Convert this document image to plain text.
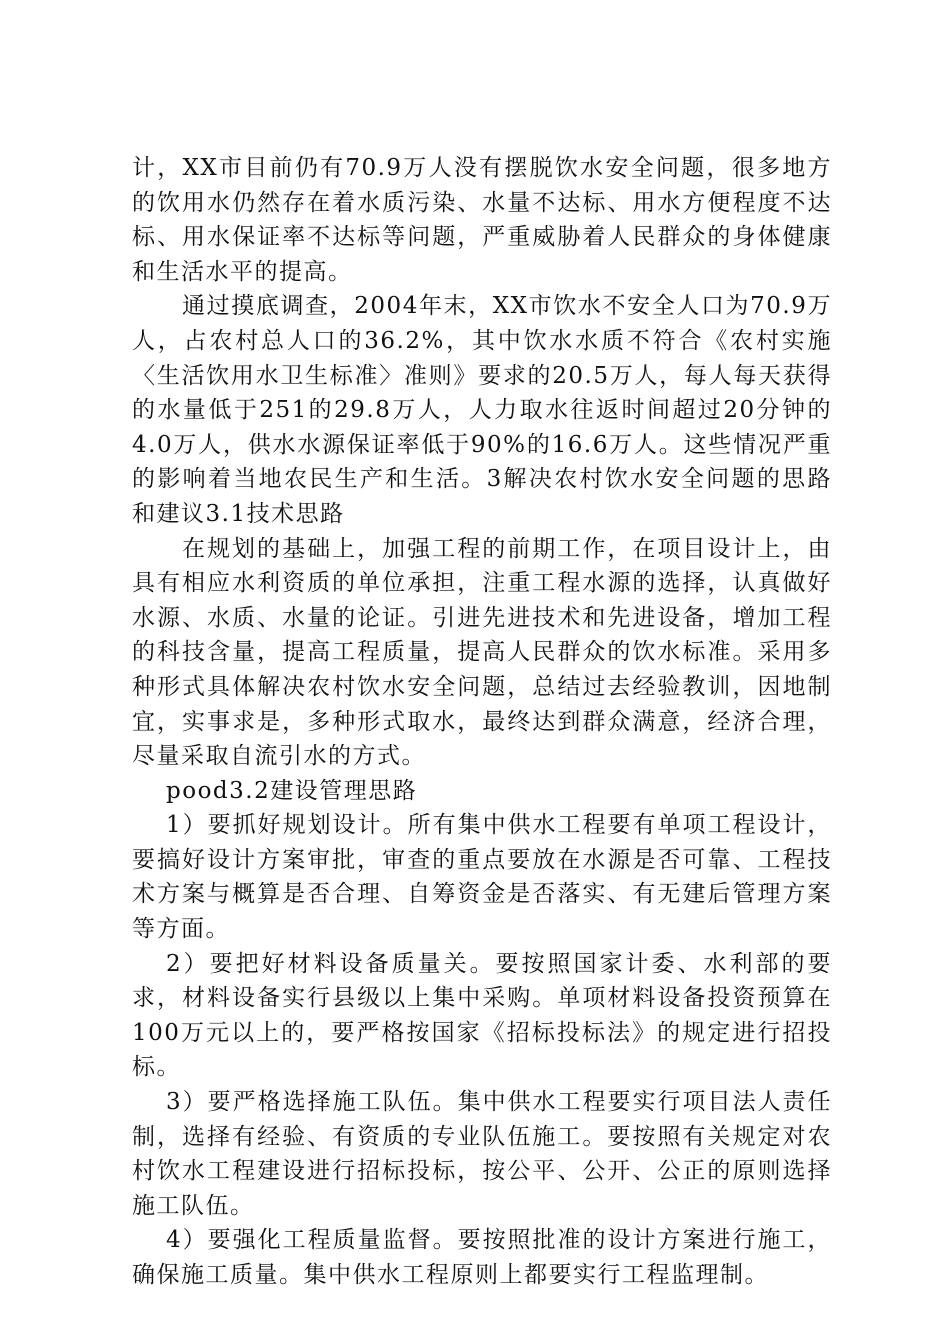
计，XX市目前仍有70.9万人没有摆脱饮水安全问题，很多地方的饮用水仍然存在着水质污染、水量不达标、用水方便程度不达标、用水保证率不达标等问题，严重威胁着人民群众的身体健康和生活水平的提高。

通过摸底调查，2004年末，XX市饮水不安全人口为70.9万人，占农村总人口的36.2%，其中饮水水质不符合《农村实施〈生活饮用水卫生标准〉准则》要求的20.5万人，每人每天获得的水量低于251的29.8万人，人力取水往返时间超过20分钟的4.0万人，供水水源保证率低于90%的16.6万人。这些情况严重的影响着当地农民生产和生活。3解决农村饮水安全问题的思路和建议3.1技术思路

在规划的基础上，加强工程的前期工作，在项目设计上，由具有相应水利资质的单位承担，注重工程水源的选择，认真做好水源、水质、水量的论证。引进先进技术和先进设备，增加工程的科技含量，提高工程质量，提高人民群众的饮水标准。采用多种形式具体解决农村饮水安全问题，总结过去经验教训，因地制宜，实事求是，多种形式取水，最终达到群众满意，经济合理，尽量采取自流引水的方式。

pood3.2建设管理思路

1）要抓好规划设计。所有集中供水工程要有单项工程设计，要搞好设计方案审批，审查的重点要放在水源是否可靠、工程技术方案与概算是否合理、自筹资金是否落实、有无建后管理方案等方面。

2）要把好材料设备质量关。要按照国家计委、水利部的要求，材料设备实行县级以上集中采购。单项材料设备投资预算在100万元以上的，要严格按国家《招标投标法》的规定进行招投标。

3）要严格选择施工队伍。集中供水工程要实行项目法人责任制，选择有经验、有资质的专业队伍施工。要按照有关规定对农村饮水工程建设进行招标投标，按公平、公开、公正的原则选择施工队伍。

4）要强化工程质量监督。要按照批准的设计方案进行施工，确保施工质量。集中供水工程原则上都要实行工程监理制。
